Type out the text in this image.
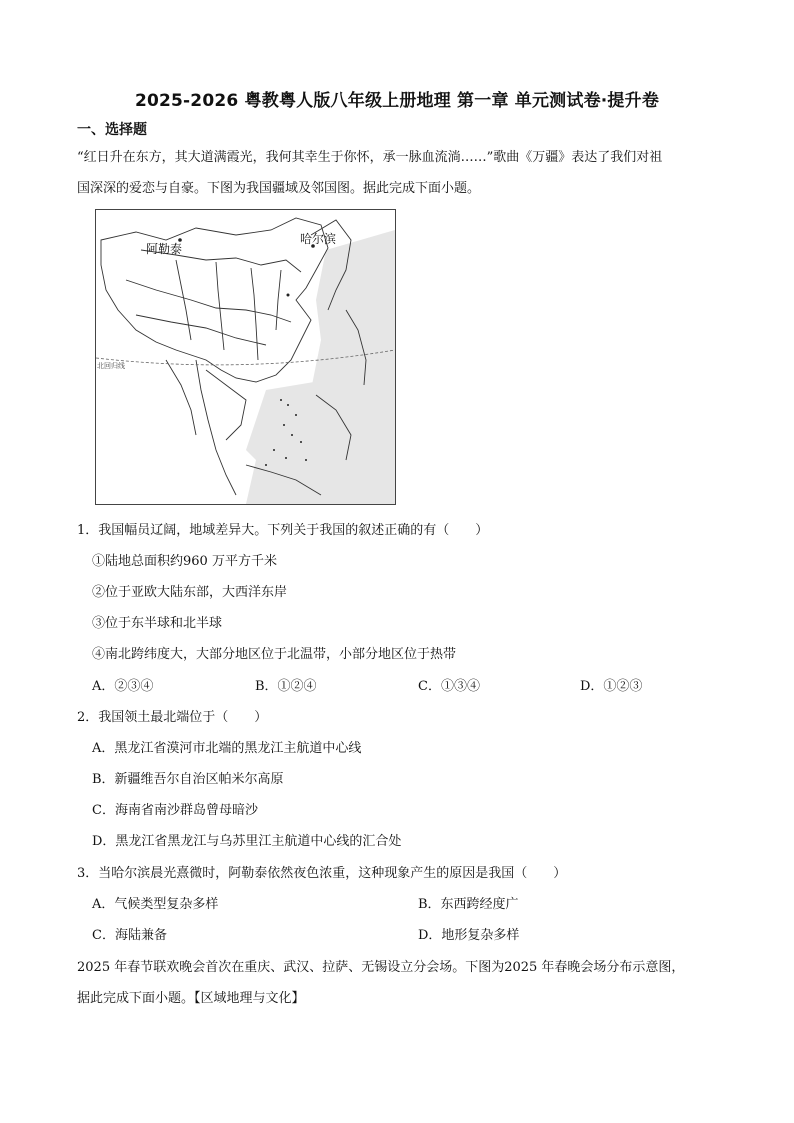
2025-2026 粤教粤人版八年级上册地理 第一章 单元测试卷·提升卷
一、选择题
“红日升在东方，其大道满霞光，我何其幸生于你怀，承一脉血流淌……”歌曲《万疆》表达了我们对祖
国深深的爱恋与自豪。下图为我国疆域及邻国图。据此完成下面小题。
阿勒泰
哈尔滨
北回归线
1．我国幅员辽阔，地域差异大。下列关于我国的叙述正确的有（　　）
①陆地总面积约960 万平方千米
②位于亚欧大陆东部，大西洋东岸
③位于东半球和北半球
④南北跨纬度大，大部分地区位于北温带，小部分地区位于热带
A．②③④	B．①②④	C．①③④	D．①②③
2．我国领土最北端位于（　　）
A．黑龙江省漠河市北端的黑龙江主航道中心线
B．新疆维吾尔自治区帕米尔高原
C．海南省南沙群岛曾母暗沙
D．黑龙江省黑龙江与乌苏里江主航道中心线的汇合处
3．当哈尔滨晨光熹微时，阿勒泰依然夜色浓重，这种现象产生的原因是我国（　　）
A．气候类型复杂多样	B．东西跨经度广
C．海陆兼备	D．地形复杂多样
2025 年春节联欢晚会首次在重庆、武汉、拉萨、无锡设立分会场。下图为2025 年春晚会场分布示意图，
据此完成下面小题。【区域地理与文化】
